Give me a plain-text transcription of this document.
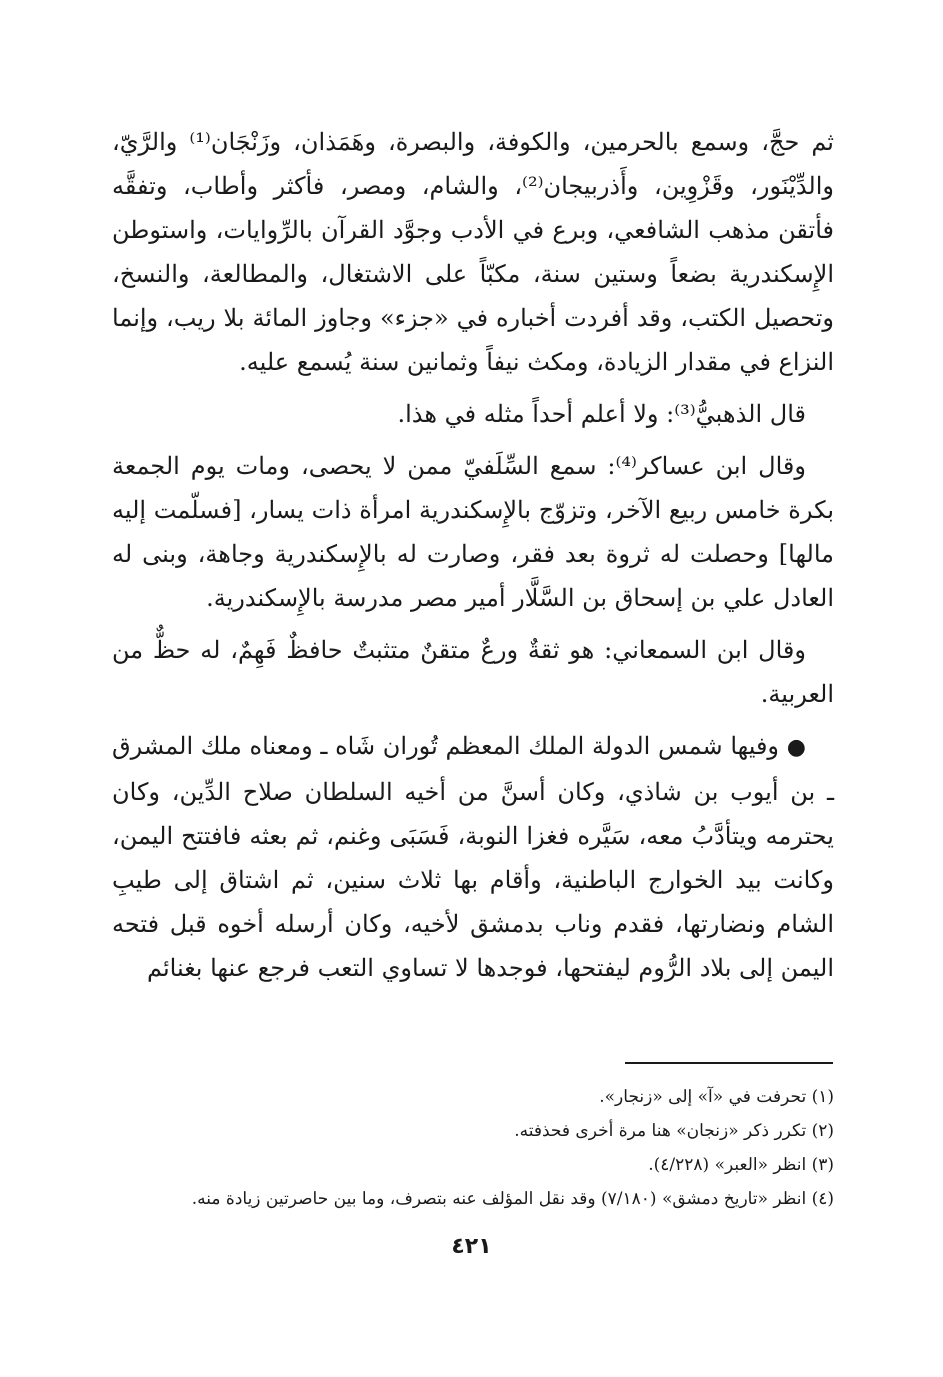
ثم حجَّ، وسمع بالحرمين، والكوفة، والبصرة، وهَمَذان، وزَنْجَان⁽¹⁾ والرَّيّ، والدِّيْنَور، وقَزْوِين، وأَذربيجان⁽²⁾، والشام، ومصر، فأكثر وأطاب، وتفقَّه فأتقن مذهب الشافعي، وبرع في الأدب وجوَّد القرآن بالرِّوايات، واستوطن الإِسكندرية بضعاً وستين سنة، مكبّاً على الاشتغال، والمطالعة، والنسخ، وتحصيل الكتب، وقد أفردت أخباره في «جزء» وجاوز المائة بلا ريب، وإنما النزاع في مقدار الزيادة، ومكث نيفاً وثمانين سنة يُسمع عليه.

قال الذهبيُّ⁽³⁾: ولا أعلم أحداً مثله في هذا.

وقال ابن عساكر⁽⁴⁾: سمع السِّلَفيّ ممن لا يحصى، ومات يوم الجمعة بكرة خامس ربيع الآخر، وتزوّج بالإِسكندرية امرأة ذات يسار، [فسلّمت إليه مالها] وحصلت له ثروة بعد فقر، وصارت له بالإِسكندرية وجاهة، وبنى له العادل علي بن إسحاق بن السَّلَّار أمير مصر مدرسة بالإِسكندرية.

وقال ابن السمعاني: هو ثقةٌ ورعٌ متقنٌ متثبتٌ حافظٌ فَهِمٌ، له حظٌّ من العربية.

● وفيها شمس الدولة الملك المعظم تُوران شَاه ـ ومعناه ملك المشرق ـ بن أيوب بن شاذي، وكان أسنَّ من أخيه السلطان صلاح الدِّين، وكان يحترمه ويتأدَّبُ معه، سَيَّره فغزا النوبة، فَسَبَى وغنم، ثم بعثه فافتتح اليمن، وكانت بيد الخوارج الباطنية، وأقام بها ثلاث سنين، ثم اشتاق إلى طيبِ الشام ونضارتها، فقدم وناب بدمشق لأخيه، وكان أرسله أخوه قبل فتحه اليمن إلى بلاد الرُّوم ليفتحها، فوجدها لا تساوي التعب فرجع عنها بغنائم

(١) تحرفت في «آ» إلى «زنجار».

(٢) تكرر ذكر «زنجان» هنا مرة أخرى فحذفته.

(٣) انظر «العبر» (٤/٢٢٨).

(٤) انظر «تاريخ دمشق» (٧/١٨٠) وقد نقل المؤلف عنه بتصرف، وما بين حاصرتين زيادة منه.

٤٢١
